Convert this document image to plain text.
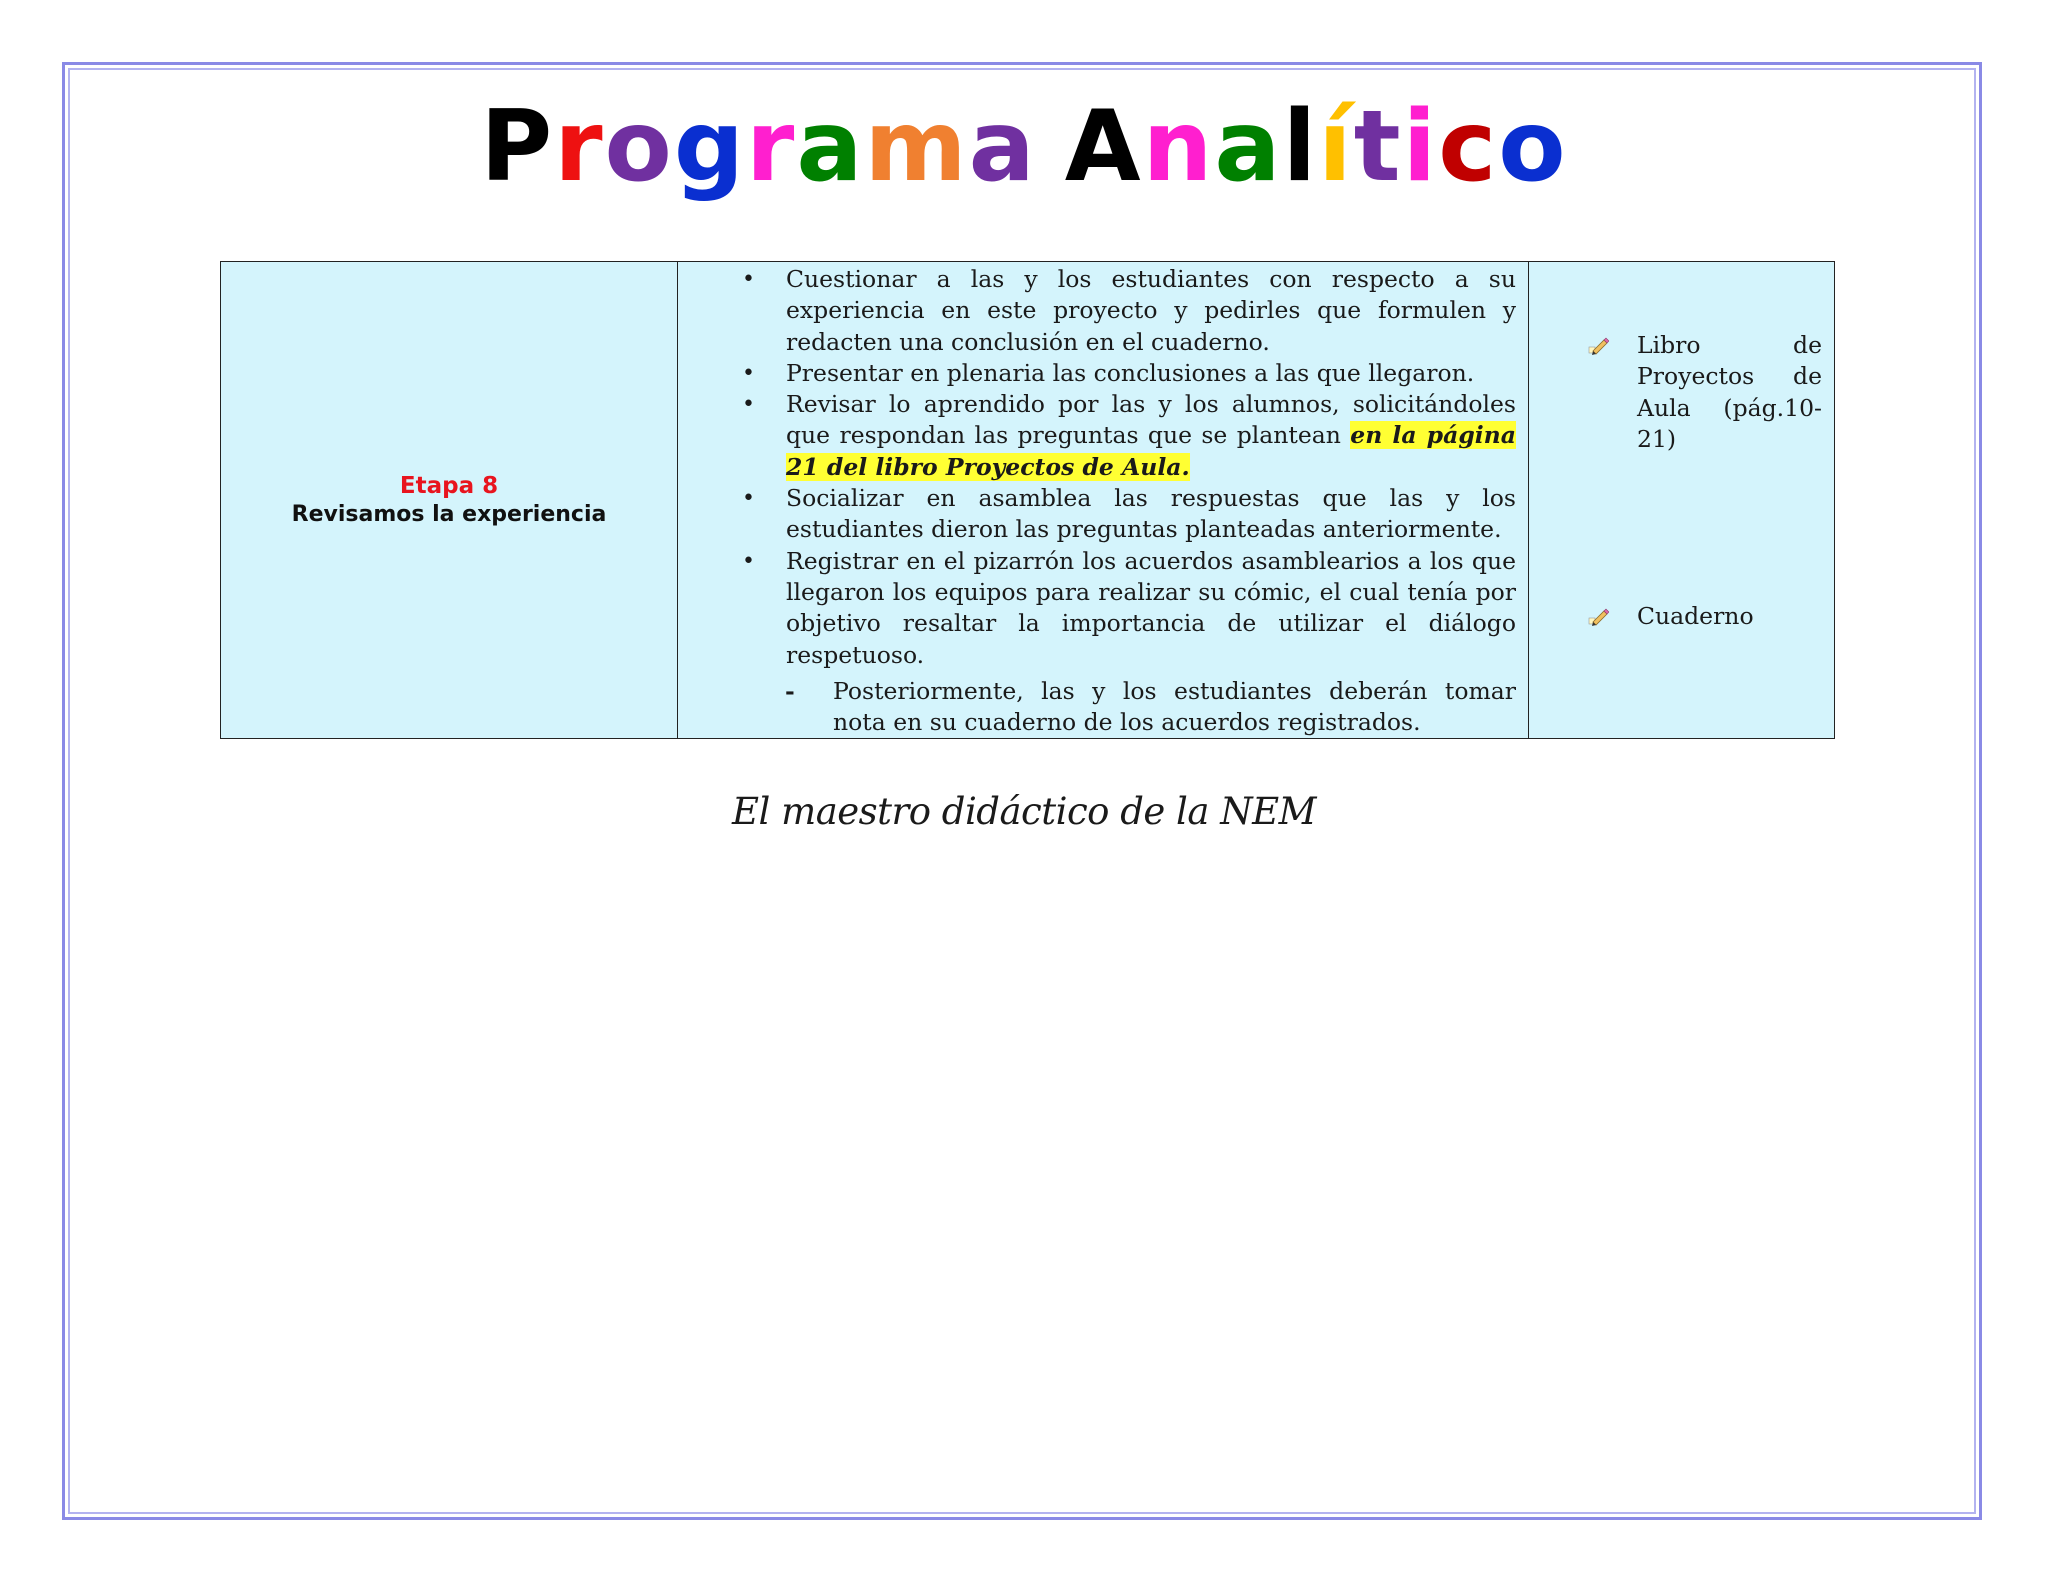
Programa Analítico
Etapa 8
Revisamos la experiencia

• Cuestionar a las y los estudiantes con respecto a su experiencia en este proyecto y pedirles que formulen y redacten una conclusión en el cuaderno.
• Presentar en plenaria las conclusiones a las que llegaron.
• Revisar lo aprendido por las y los alumnos, solicitándoles que respondan las preguntas que se plantean en la página 21 del libro Proyectos de Aula.
• Socializar en asamblea las respuestas que las y los estudiantes dieron las preguntas planteadas anteriormente.
• Registrar en el pizarrón los acuerdos asamblearios a los que llegaron los equipos para realizar su cómic, el cual tenía por objetivo resaltar la importancia de utilizar el diálogo respetuoso.
- Posteriormente, las y los estudiantes deberán tomar nota en su cuaderno de los acuerdos registrados.

Libro de Proyectos de Aula (pág.10-21)
Cuaderno
El maestro didáctico de la NEM
